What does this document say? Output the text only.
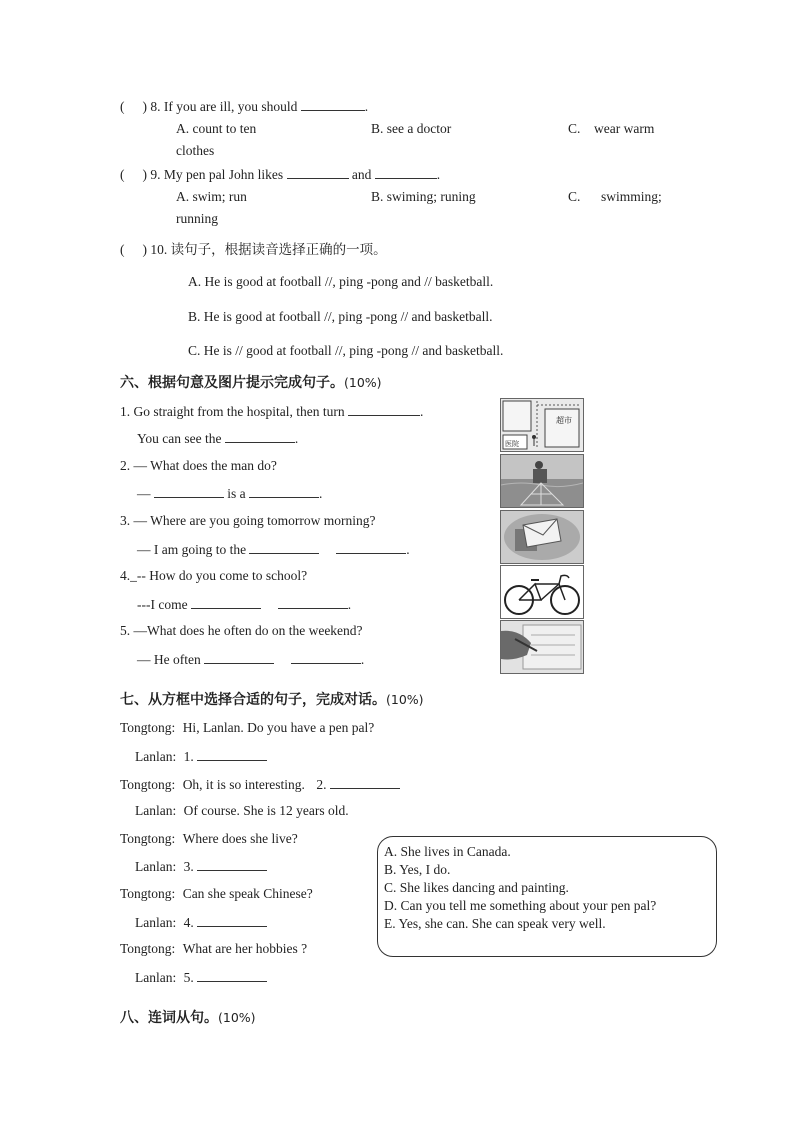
( ) 8. If you are ill, you should	.
A. count to ten	B. see a doctor	C. wear warm
clothes
( ) 9. My pen pal John likes	and	.
A. swim; run	B. swiming; runing	C. swimming;
running
( ) 10. 读句子，根据读音选择正确的一项。
A. He is good at football //, ping -pong and // basketball.
B. He is good at football //, ping -pong // and basketball.
C. He is // good at football //, ping -pong // and basketball.
六、根据句意及图片提示完成句子。(10%)
1. Go straight from the hospital, then turn	.
You can see the	.
超市
医院
2. — What does the man do?
—	is a	.
3. — Where are you going tomorrow morning?
— I am going to the	.
4._-- How do you come to school?
---I come	.
5. —What does he often do on the weekend?
— He often	.
七、从方框中选择合适的句子，完成对话。(10%)
Tongtong: Hi, Lanlan. Do you have a pen pal?
Lanlan: 1.
Tongtong: Oh, it is so interesting. 2.
Lanlan: Of course. She is 12 years old.
Tongtong: Where does she live?
Lanlan: 3.
Tongtong: Can she speak Chinese?
Lanlan: 4.
Tongtong: What are her hobbies ?
Lanlan: 5.
A. She lives in Canada.
B. Yes, I do.
C. She likes dancing and painting.
D. Can you tell me something about your pen pal?
E. Yes, she can. She can speak very well.
八、连词从句。(10%)
